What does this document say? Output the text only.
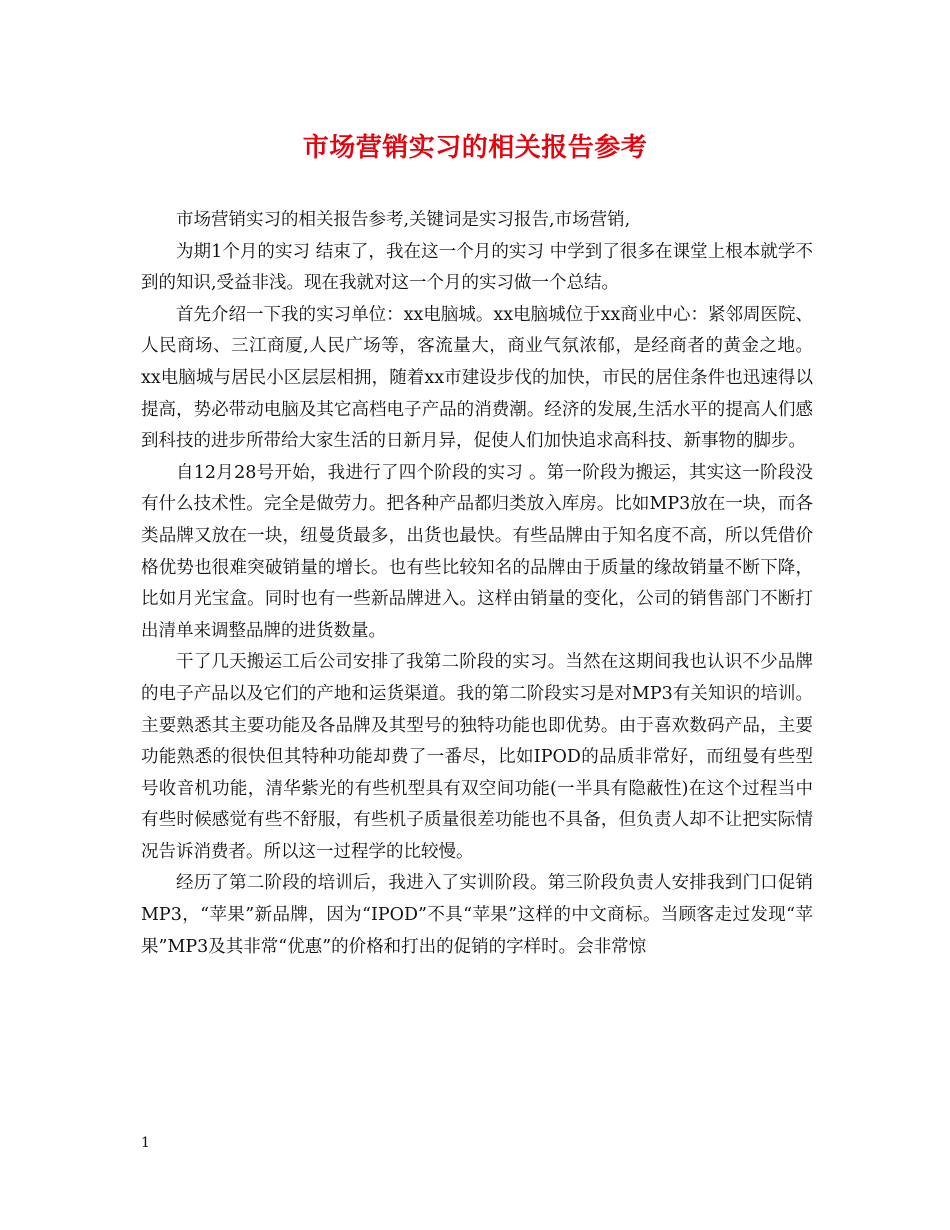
市场营销实习的相关报告参考

市场营销实习的相关报告参考,关键词是实习报告,市场营销,

为期1个月的实习 结束了，我在这一个月的实习 中学到了很多在课堂上根本就学不到的知识,受益非浅。现在我就对这一个月的实习做一个总结。

首先介绍一下我的实习单位：xx电脑城。xx电脑城位于xx商业中心：紧邻周医院、人民商场、三江商厦,人民广场等，客流量大，商业气氛浓郁，是经商者的黄金之地。xx电脑城与居民小区层层相拥，随着xx市建设步伐的加快，市民的居住条件也迅速得以提高，势必带动电脑及其它高档电子产品的消费潮。经济的发展,生活水平的提高人们感到科技的进步所带给大家生活的日新月异，促使人们加快追求高科技、新事物的脚步。

自12月28号开始，我进行了四个阶段的实习 。第一阶段为搬运，其实这一阶段没有什么技术性。完全是做劳力。把各种产品都归类放入库房。比如MP3放在一块，而各类品牌又放在一块，纽曼货最多，出货也最快。有些品牌由于知名度不高，所以凭借价格优势也很难突破销量的增长。也有些比较知名的品牌由于质量的缘故销量不断下降，比如月光宝盒。同时也有一些新品牌进入。这样由销量的变化，公司的销售部门不断打出清单来调整品牌的进货数量。

干了几天搬运工后公司安排了我第二阶段的实习。当然在这期间我也认识不少品牌的电子产品以及它们的产地和运货渠道。我的第二阶段实习是对MP3有关知识的培训。主要熟悉其主要功能及各品牌及其型号的独特功能也即优势。由于喜欢数码产品，主要功能熟悉的很快但其特种功能却费了一番尽，比如IPOD的品质非常好，而纽曼有些型号收音机功能，清华紫光的有些机型具有双空间功能(一半具有隐蔽性)在这个过程当中有些时候感觉有些不舒服，有些机子质量很差功能也不具备，但负责人却不让把实际情况告诉消费者。所以这一过程学的比较慢。

经历了第二阶段的培训后，我进入了实训阶段。第三阶段负责人安排我到门口促销MP3，“苹果”新品牌，因为“IPOD”不具“苹果”这样的中文商标。当顾客走过发现“苹果”MP3及其非常“优惠”的价格和打出的促销的字样时。会非常惊

1
